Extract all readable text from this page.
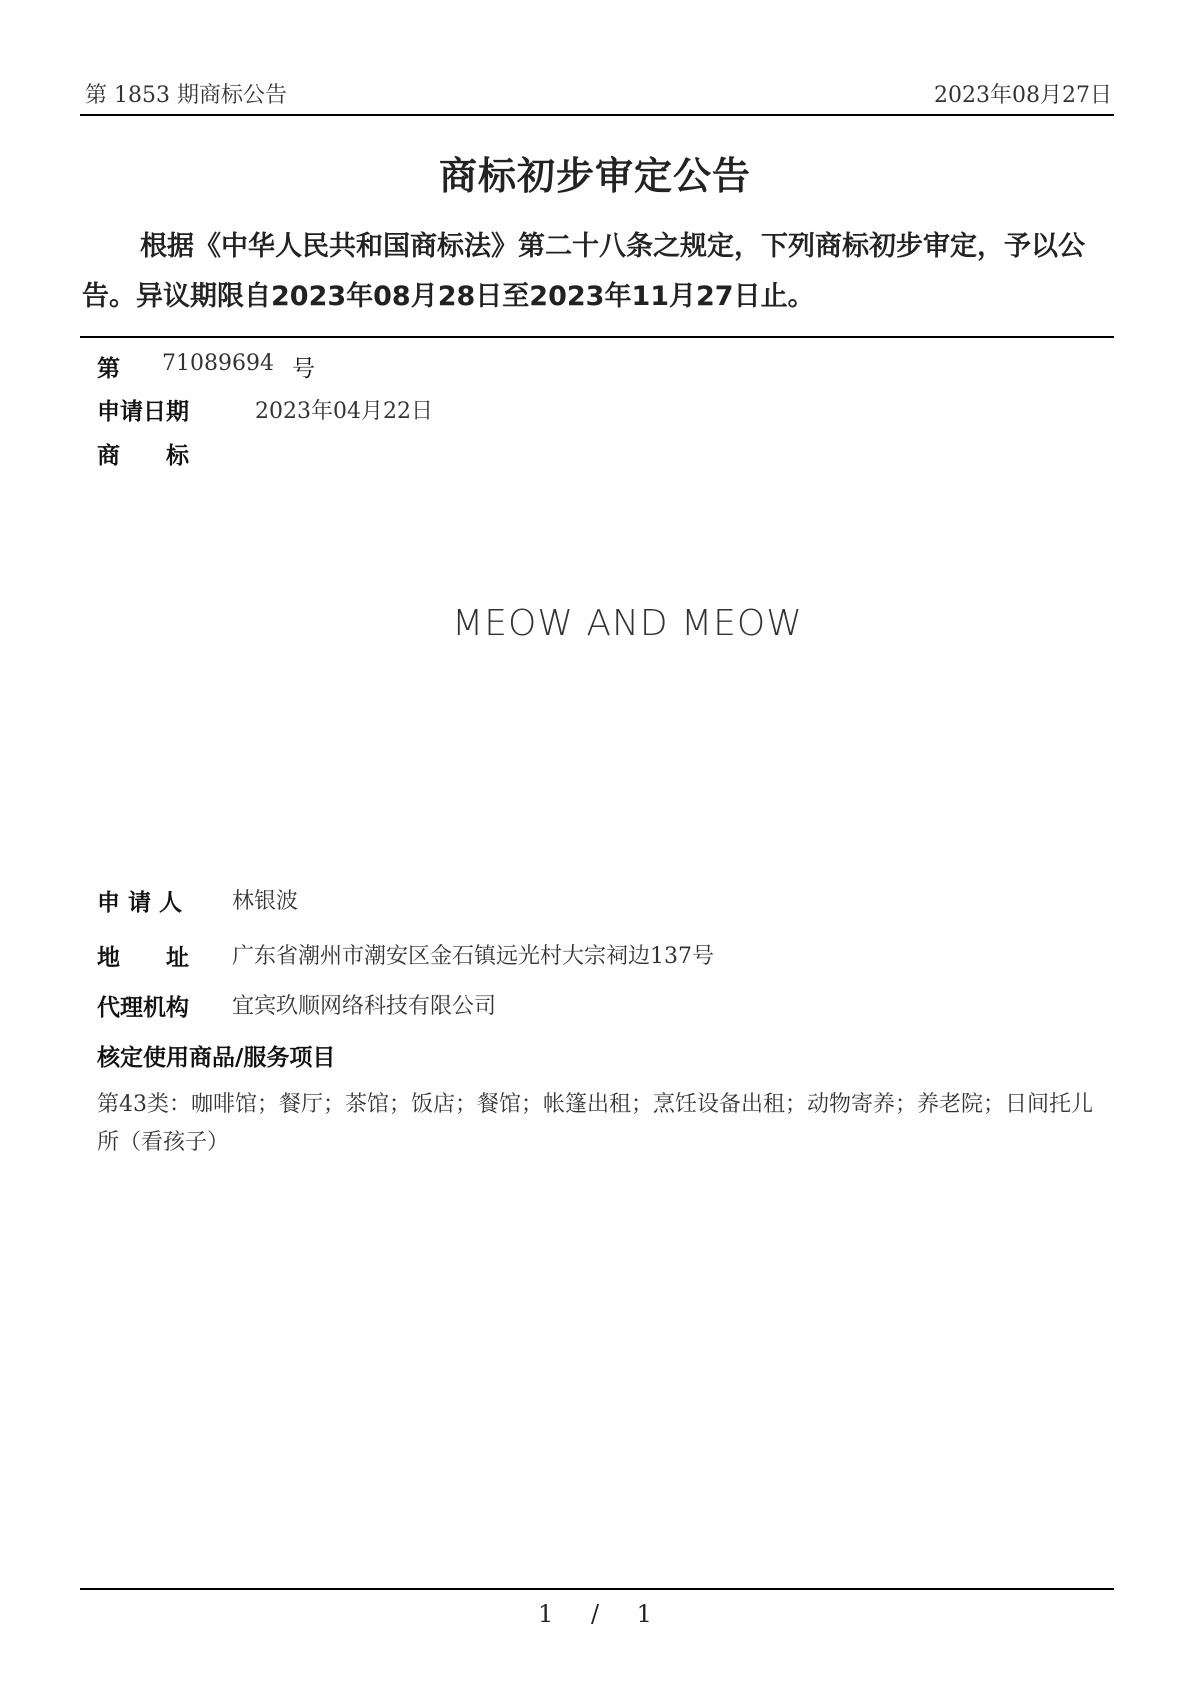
第 1853 期商标公告	2023年08月27日
商标初步审定公告
根据《中华人民共和国商标法》第二十八条之规定，下列商标初步审定，予以公告。异议期限自2023年08月28日至2023年11月27日止。
第 71089694 号
申请日期	2023年04月22日
商　　标
MEOW AND MEOW
申 请 人 林银波
地　　址 广东省潮州市潮安区金石镇远光村大宗祠边137号
代理机构 宜宾玖顺网络科技有限公司
核定使用商品/服务项目
第43类：咖啡馆；餐厅；茶馆；饭店；餐馆；帐篷出租；烹饪设备出租；动物寄养；养老院；日间托儿所（看孩子）
1 / 1
